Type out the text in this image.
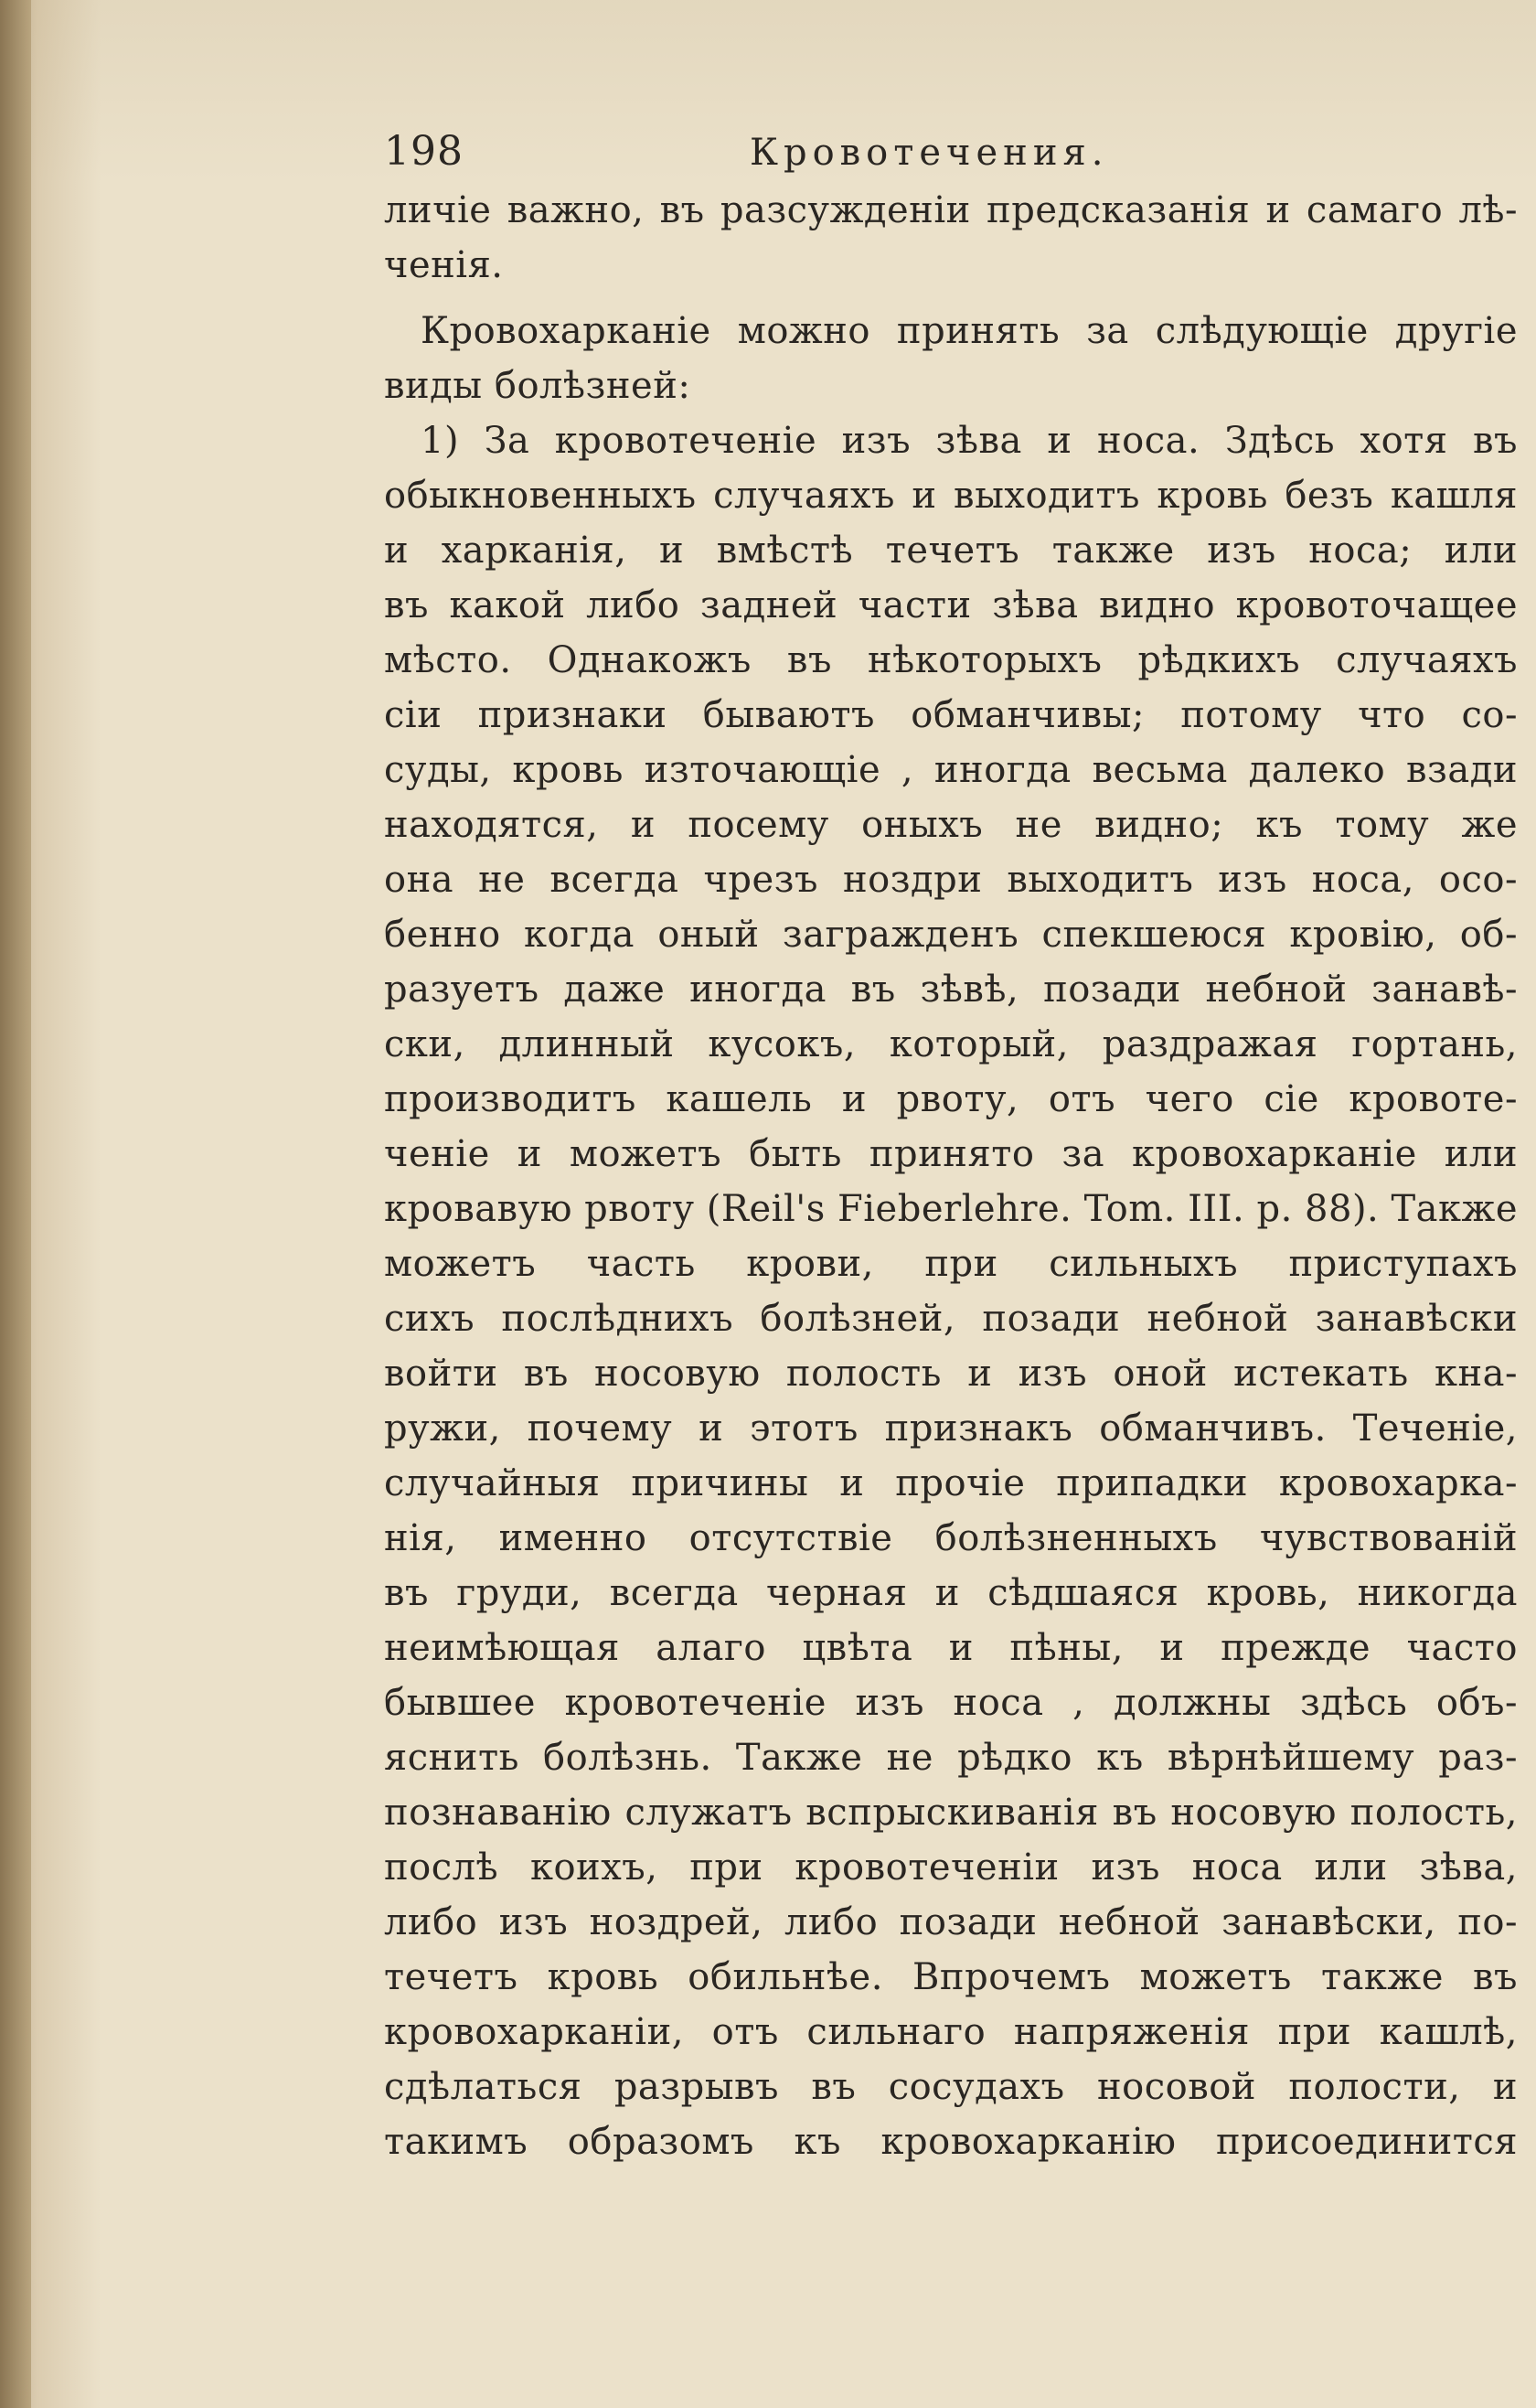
198	Кровотечения.
личіе важно, въ разсужденіи предсказанія и самаго лѣ-
ченія.
Кровохарканіе можно принять за слѣдующіе другіе
виды болѣзней:
1) За кровотеченіе изъ зѣва и носа. Здѣсь хотя въ
обыкновенныхъ случаяхъ и выходитъ кровь безъ кашля
и харканія, и вмѣстѣ течетъ также изъ носа; или
въ какой либо задней части зѣва видно кровоточащее
мѣсто. Однакожъ въ нѣкоторыхъ рѣдкихъ случаяхъ
сіи признаки бываютъ обманчивы; потому что со-
суды, кровь източающіе , иногда весьма далеко взади
находятся, и посему оныхъ не видно; къ тому же
она не всегда чрезъ ноздри выходитъ изъ носа, осо-
бенно когда оный загражденъ спекшеюся кровію, об-
разуетъ даже иногда въ зѣвѣ, позади небной занавѣ-
ски, длинный кусокъ, который, раздражая гортань,
производитъ кашель и рвоту, отъ чего сіе кровоте-
ченіе и можетъ быть принято за кровохарканіе или
кровавую рвоту (Reil's Fieberlehre. Tom. III. p. 88). Также
можетъ часть крови, при сильныхъ приступахъ
сихъ послѣднихъ болѣзней, позади небной занавѣски
войти въ носовую полость и изъ оной истекать кна-
ружи, почему и этотъ признакъ обманчивъ. Теченіе,
случайныя причины и прочіе припадки кровохарка-
нія, именно отсутствіе болѣзненныхъ чувствованій
въ груди, всегда черная и сѣдшаяся кровь, никогда
неимѣющая алаго цвѣта и пѣны, и прежде часто
бывшее кровотеченіе изъ носа , должны здѣсь объ-
яснить болѣзнь. Также не рѣдко къ вѣрнѣйшему раз-
познаванію служатъ вспрыскиванія въ носовую полость,
послѣ коихъ, при кровотеченіи изъ носа или зѣва,
либо изъ ноздрей, либо позади небной занавѣски, по-
течетъ кровь обильнѣе. Впрочемъ можетъ также въ
кровохарканіи, отъ сильнаго напряженія при кашлѣ,
сдѣлаться разрывъ въ сосудахъ носовой полости, и
такимъ образомъ къ кровохарканію присоединится
